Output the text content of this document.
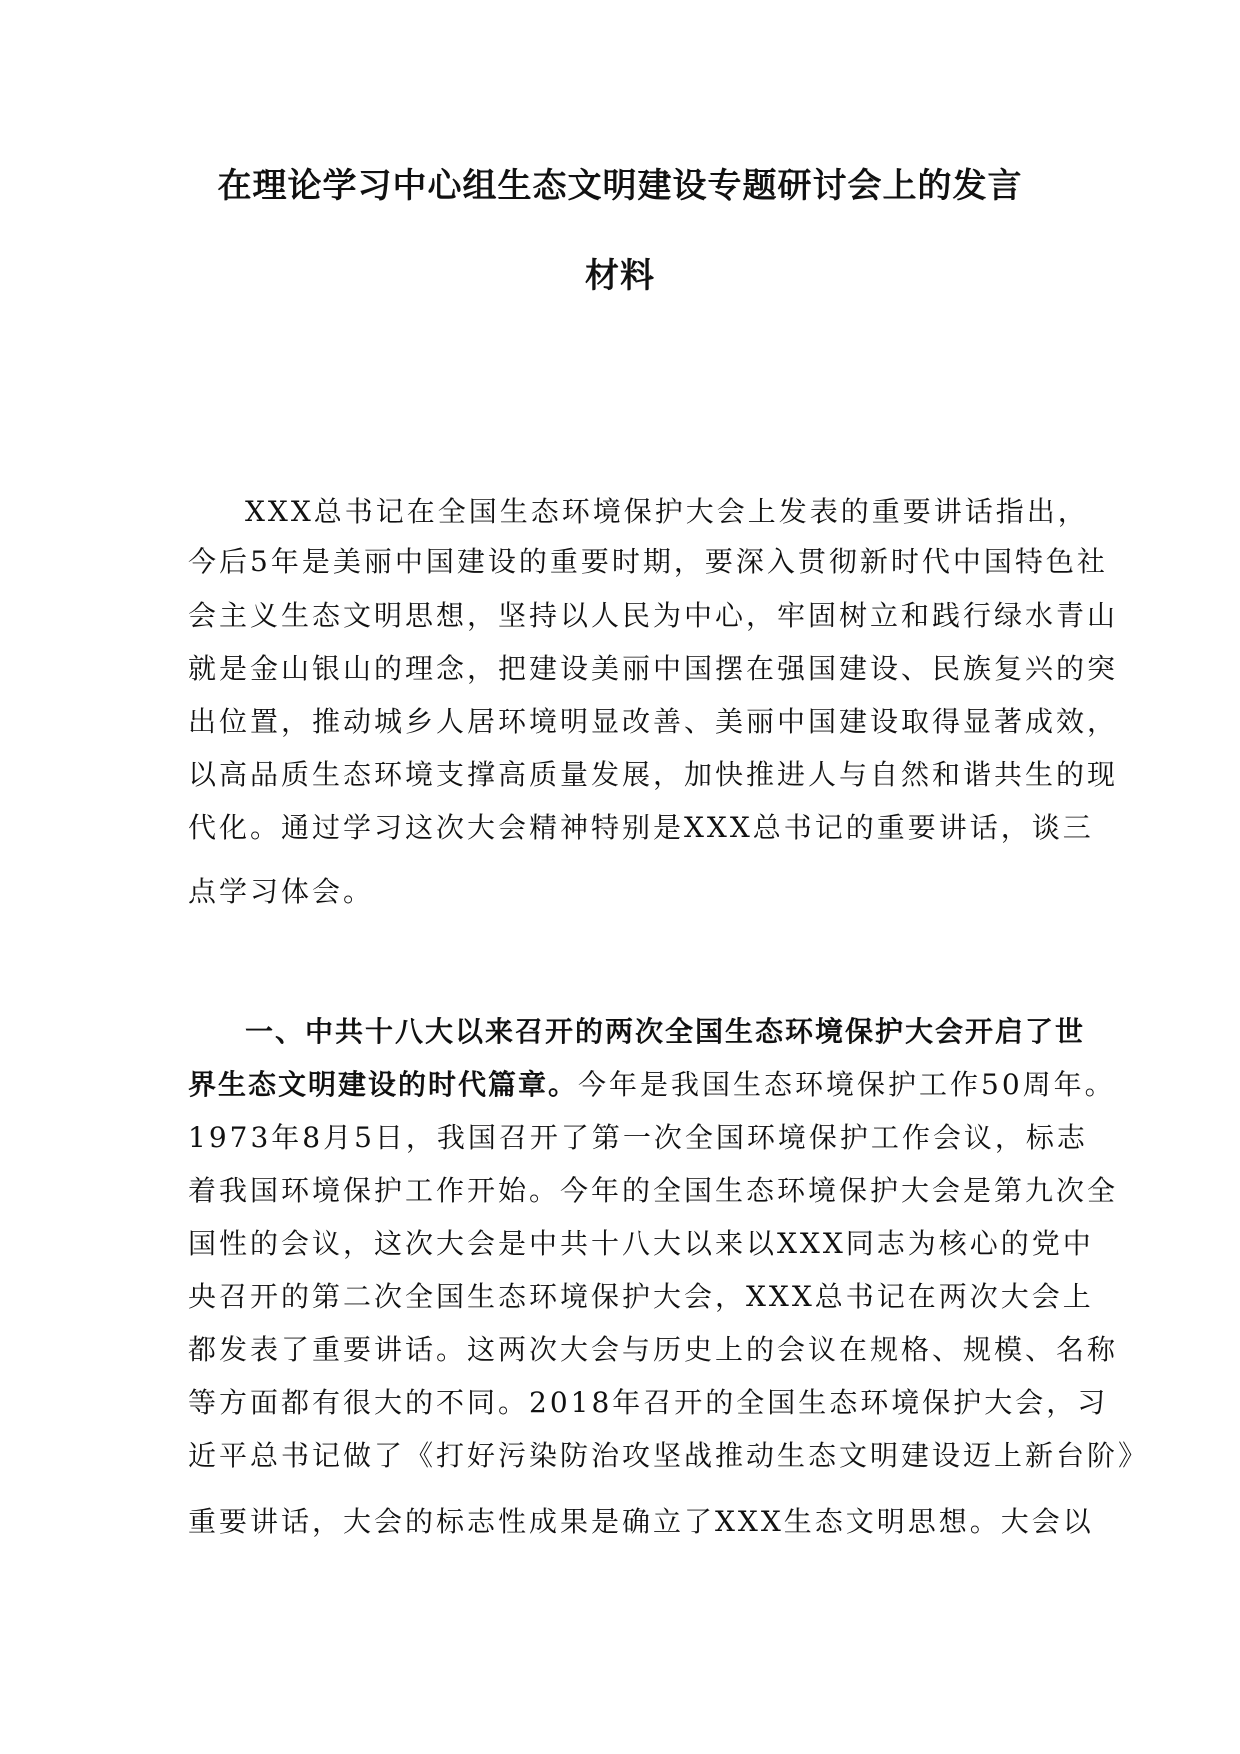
在理论学习中心组生态文明建设专题研讨会上的发言
材料

XXX总书记在全国生态环境保护大会上发表的重要讲话指出，

今后5年是美丽中国建设的重要时期，要深入贯彻新时代中国特色社

会主义生态文明思想，坚持以人民为中心，牢固树立和践行绿水青山

就是金山银山的理念，把建设美丽中国摆在强国建设、民族复兴的突

出位置，推动城乡人居环境明显改善、美丽中国建设取得显著成效，

以高品质生态环境支撑高质量发展，加快推进人与自然和谐共生的现

代化。通过学习这次大会精神特别是XXX总书记的重要讲话，谈三

点学习体会。

一、中共十八大以来召开的两次全国生态环境保护大会开启了世

界生态文明建设的时代篇章。今年是我国生态环境保护工作50周年。

1973年8月5日，我国召开了第一次全国环境保护工作会议，标志

着我国环境保护工作开始。今年的全国生态环境保护大会是第九次全

国性的会议，这次大会是中共十八大以来以XXX同志为核心的党中

央召开的第二次全国生态环境保护大会，XXX总书记在两次大会上

都发表了重要讲话。这两次大会与历史上的会议在规格、规模、名称

等方面都有很大的不同。2018年召开的全国生态环境保护大会，习

近平总书记做了《打好污染防治攻坚战推动生态文明建设迈上新台阶》

重要讲话，大会的标志性成果是确立了XXX生态文明思想。大会以
